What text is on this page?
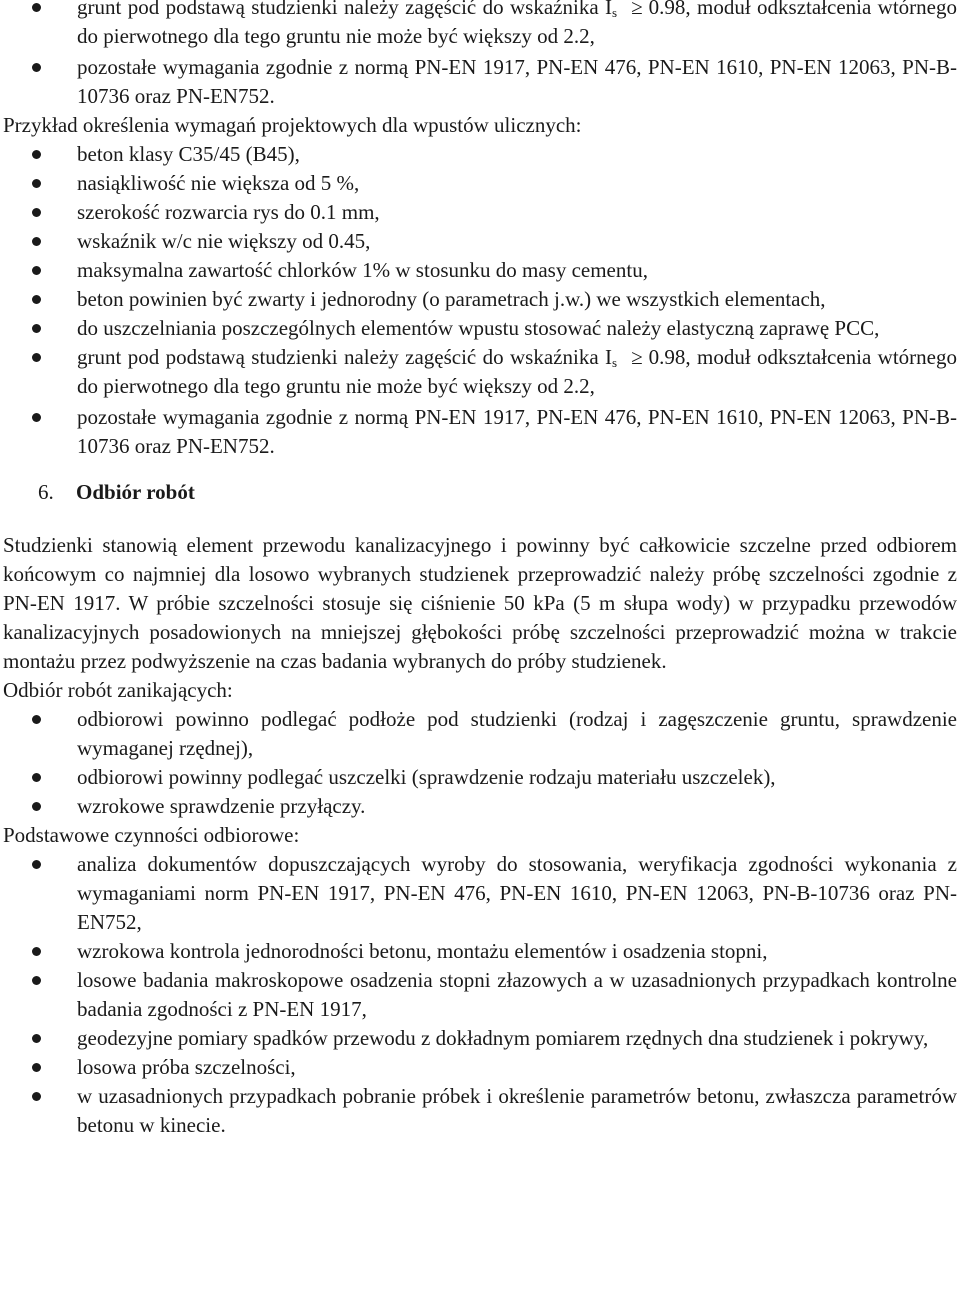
grunt pod podstawą studzienki należy zagęścić do wskaźnika $I_s \ge 0.98$, moduł odkształcenia wtórnego do pierwotnego dla tego gruntu nie może być większy od 2.2,
pozostałe wymagania zgodnie z normą PN-EN 1917, PN-EN 476, PN-EN 1610, PN-EN 12063, PN-B-10736 oraz PN-EN752.

Przykład określenia wymagań projektowych dla wpustów ulicznych:

beton klasy C35/45 (B45),
nasiąkliwość nie większa od 5 %,
szerokość rozwarcia rys do 0.1 mm,
wskaźnik w/c nie większy od 0.45,
maksymalna zawartość chlorków 1% w stosunku do masy cementu,
beton powinien być zwarty i jednorodny (o parametrach j.w.) we wszystkich elementach,
do uszczelniania poszczególnych elementów wpustu stosować należy elastyczną zaprawę PCC,
grunt pod podstawą studzienki należy zagęścić do wskaźnika $I_s \ge 0.98$, moduł odkształcenia wtórnego do pierwotnego dla tego gruntu nie może być większy od 2.2,
pozostałe wymagania zgodnie z normą PN-EN 1917, PN-EN 476, PN-EN 1610, PN-EN 12063, PN-B-10736 oraz PN-EN752.
6. Odbiór robót

Studzienki stanowią element przewodu kanalizacyjnego i powinny być całkowicie szczelne przed odbiorem końcowym co najmniej dla losowo wybranych studzienek przeprowadzić należy próbę szczelności zgodnie z PN-EN 1917. W próbie szczelności stosuje się ciśnienie 50 kPa (5 m słupa wody) w przypadku przewodów kanalizacyjnych posadowionych na mniejszej głębokości próbę szczelności przeprowadzić można w trakcie montażu przez podwyższenie na czas badania wybranych do próby studzienek.

Odbiór robót zanikających:

odbiorowi powinno podlegać podłoże pod studzienki (rodzaj i zagęszczenie gruntu, sprawdzenie wymaganej rzędnej),
odbiorowi powinny podlegać uszczelki (sprawdzenie rodzaju materiału uszczelek),
wzrokowe sprawdzenie przyłączy.

Podstawowe czynności odbiorowe:

analiza dokumentów dopuszczających wyroby do stosowania, weryfikacja zgodności wykonania z wymaganiami norm PN-EN 1917, PN-EN 476, PN-EN 1610, PN-EN 12063, PN-B-10736 oraz PN-EN752,
wzrokowa kontrola jednorodności betonu, montażu elementów i osadzenia stopni,
losowe badania makroskopowe osadzenia stopni złazowych a w uzasadnionych przypadkach kontrolne badania zgodności z PN-EN 1917,
geodezyjne pomiary spadków przewodu z dokładnym pomiarem rzędnych dna studzienek i pokrywy,
losowa próba szczelności,
w uzasadnionych przypadkach pobranie próbek i określenie parametrów betonu, zwłaszcza parametrów betonu w kinecie.
